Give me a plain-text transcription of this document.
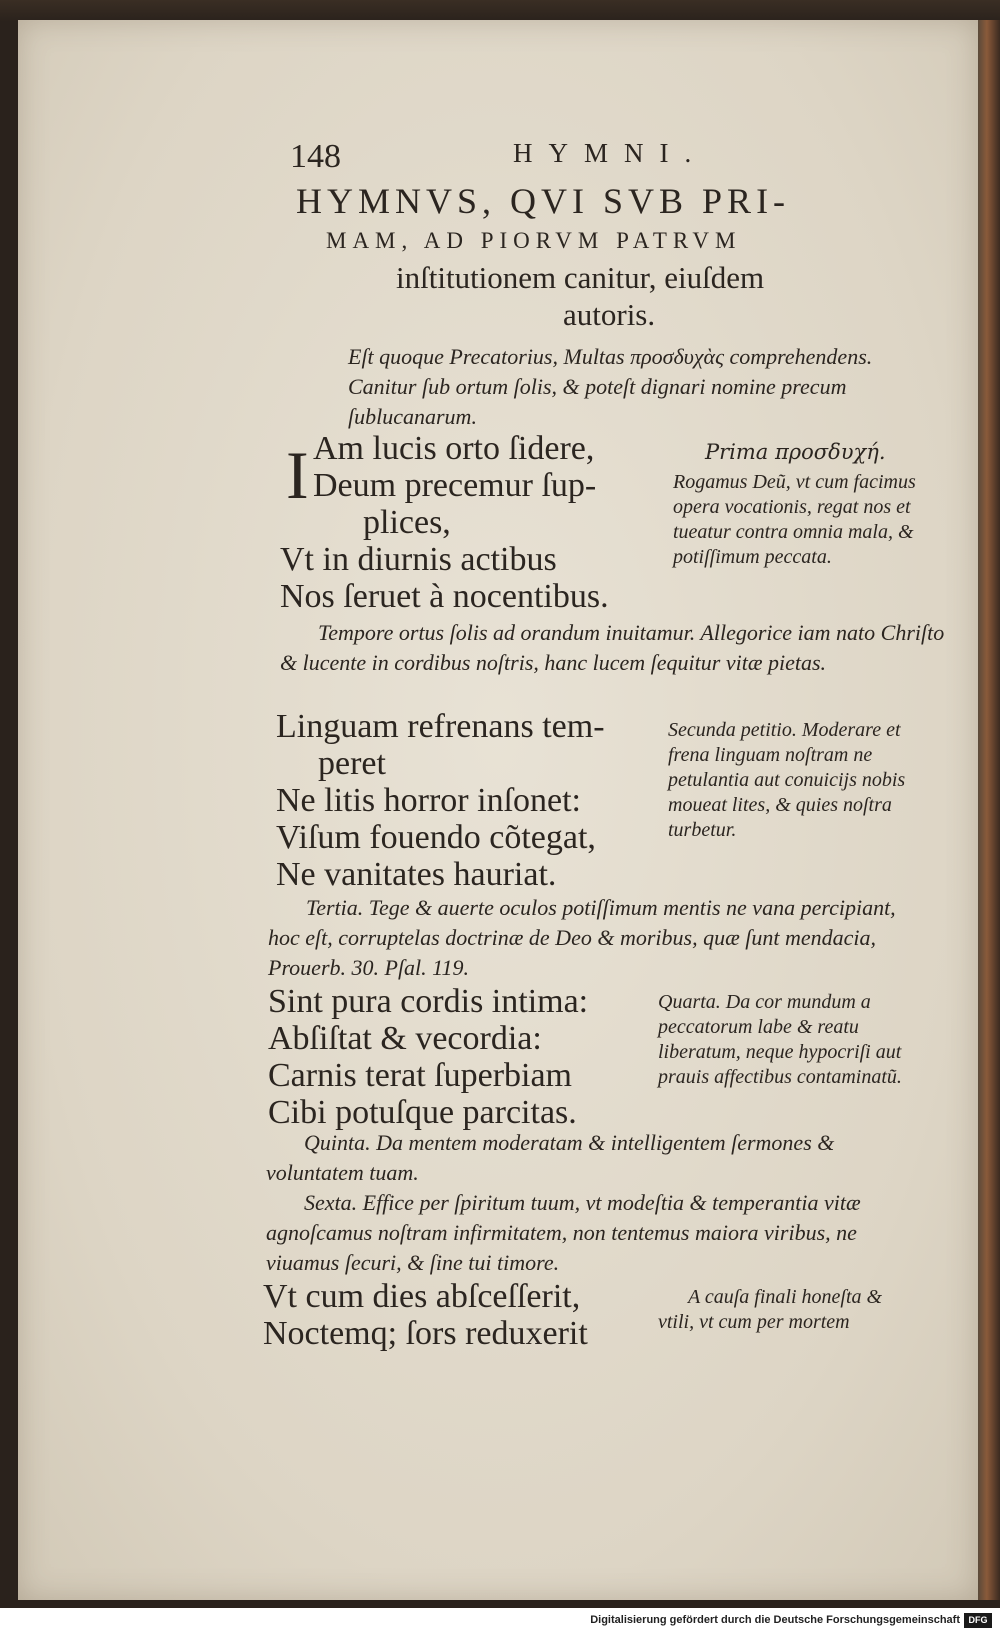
148	HYMNI.
HYMNVS, QVI SVB PRI-
MAM, AD PIORVM PATRVM
inſtitutionem canitur, eiuſdem
autoris.
Eſt quoque Precatorius, Multas προσδυχὰς comprehendens. Canitur ſub ortum ſolis, & poteſt dignari nomine precum ſublucanarum.
I Am lucis orto ſidere,
Deum precemur ſup-
plices,
Vt in diurnis actibus
Nos ſeruet à nocentibus.
Prima προσδυχή.
Rogamus Deũ, vt cum facimus opera vocationis, regat nos et tueatur contra omnia mala, & potiſſimum peccata.
Tempore ortus ſolis ad orandum inuitamur. Allegorice iam nato Chriſto & lucente in cordibus noſtris, hanc lucem ſequitur vitæ pietas.
Linguam refrenans tem-
peret
Ne litis horror inſonet:
Viſum fouendo cõtegat,
Ne vanitates hauriat.
Secunda petitio. Moderare et frena linguam noſtram ne petulantia aut conuicijs nobis moueat lites, & quies noſtra turbetur.
Tertia. Tege & auerte oculos potiſſimum mentis ne vana percipiant, hoc eſt, corruptelas doctrinæ de Deo & moribus, quæ ſunt mendacia, Prouerb. 30. Pſal. 119.
Sint pura cordis intima:
Abſiſtat & vecordia:
Carnis terat ſuperbiam
Cibi potuſque parcitas.
Quarta. Da cor mundum a peccatorum labe & reatu liberatum, neque hypocriſi aut prauis affectibus contaminatũ.
Quinta. Da mentem moderatam & intelligentem ſermones & voluntatem tuam.
Sexta. Effice per ſpiritum tuum, vt modeſtia & temperantia vitæ agnoſcamus noſtram infirmitatem, non tentemus maiora viribus, ne viuamus ſecuri, & ſine tui timore.
Vt cum dies abſceſſerit,
Noctemq; ſors reduxerit
A cauſa finali honeſta & vtili, vt cum per mortem
Digitalisierung gefördert durch die Deutsche Forschungsgemeinschaft DFG
